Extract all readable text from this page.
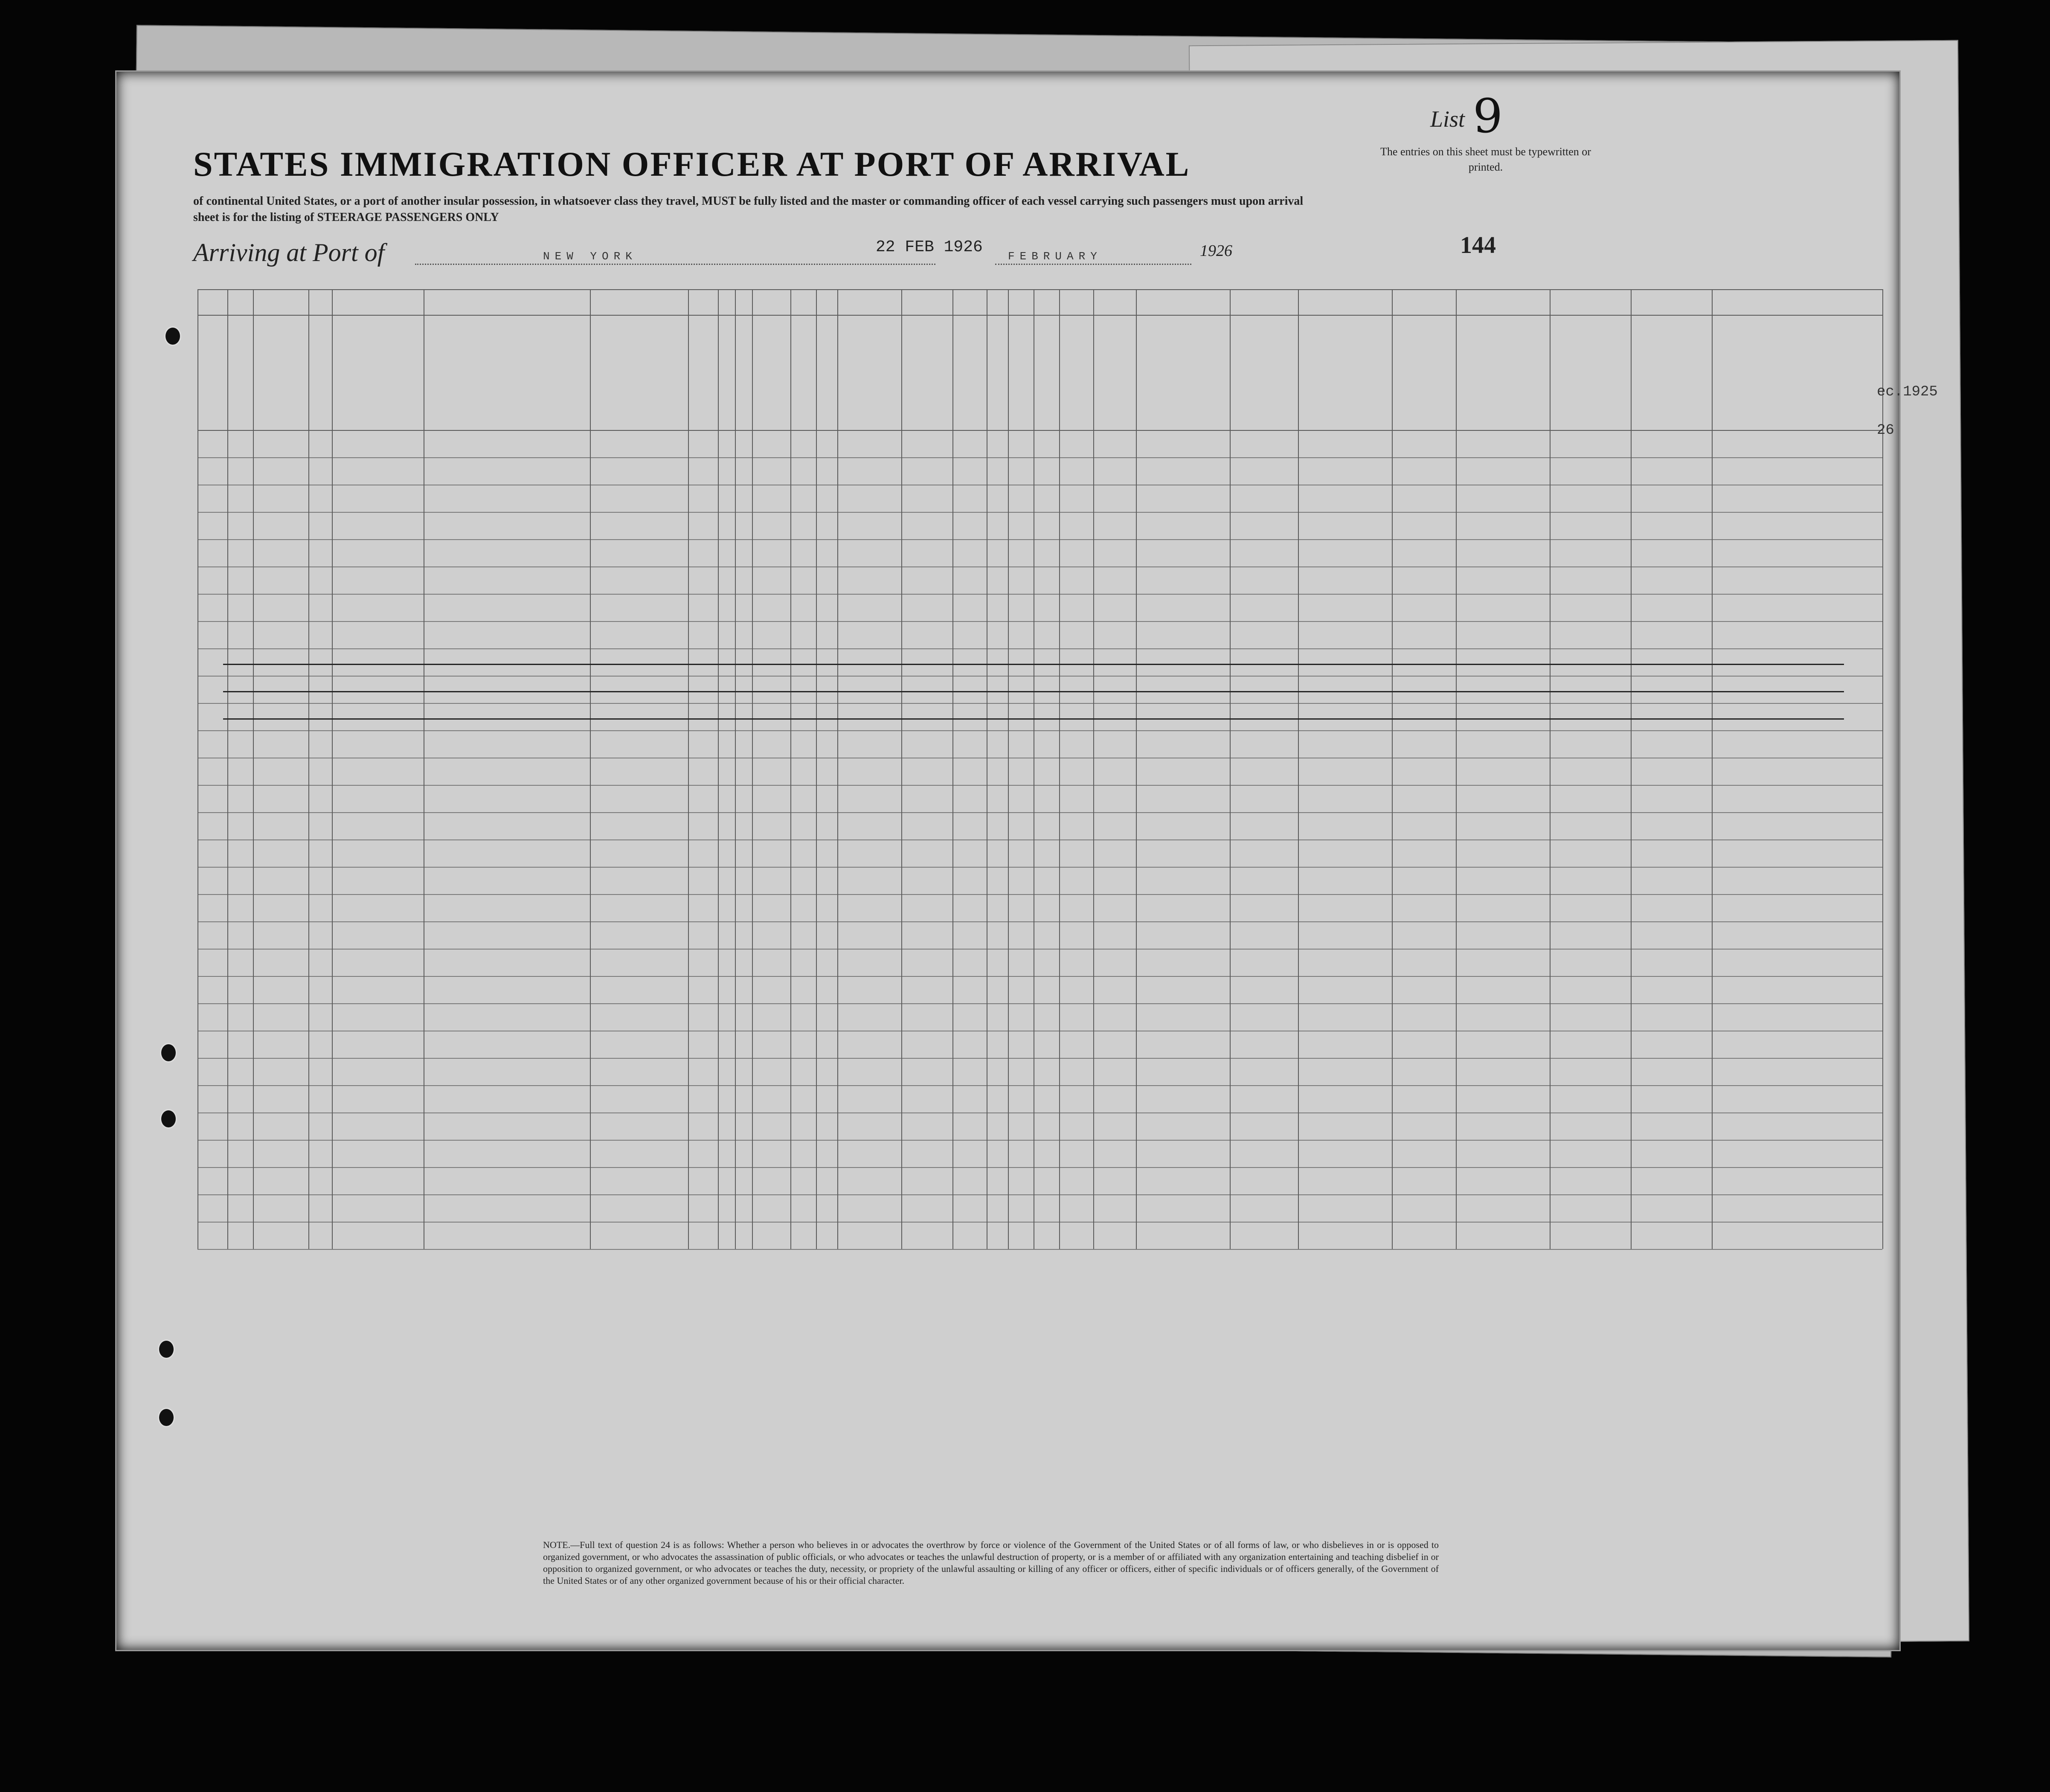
List 9
STATES IMMIGRATION OFFICER AT PORT OF ARRIVAL	The entries on this sheet must be typewritten or printed.
of continental United States, or a port of another insular possession, in whatsoever class they travel, MUST be fully listed and the master or commanding officer of each vessel carrying such passengers must upon arrival
sheet is for the listing of STEERAGE PASSENGERS ONLY
Arriving at Port of	NEW YORK	22 FEB 1926 FEBRUARY	1926	144
NOTE.—Full text of question 24 is as follows: Whether a person who believes in or advocates the overthrow by force or violence of the Government of the United States or of all forms of law, or who disbelieves in or is opposed to organized government, or who advocates the assassination of public officials, or who advocates or teaches the unlawful destruction of property, or is a member of or affiliated with any organization entertaining and teaching disbelief in or opposition to organized government, or who advocates or teaches the duty, necessity, or propriety of the unlawful assaulting or killing of any officer or officers, either of specific individuals or of officers generally, of the Government of the United States or of any other organized government because of his or their official character.
ec.1925
26
